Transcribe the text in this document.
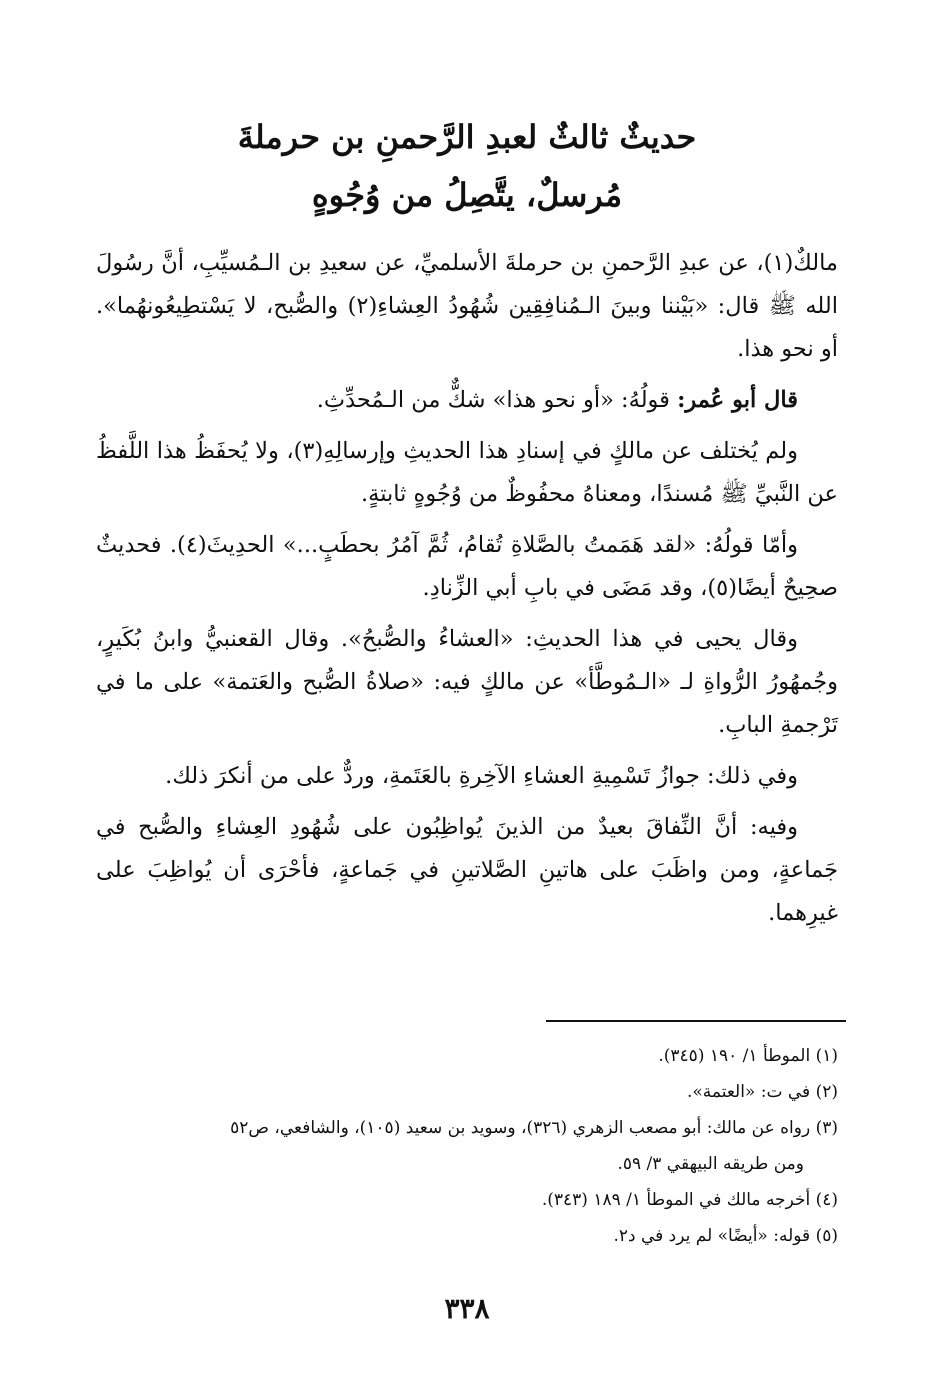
حديثٌ ثالثٌ لعبدِ الرَّحمنِ بن حرملةَ
مُرسلٌ، يتَّصِلُ من وُجُوهٍ

مالكٌ(١)، عن عبدِ الرَّحمنِ بن حرملةَ الأسلميِّ، عن سعيدِ بن الـمُسيِّبِ، أنَّ رسُولَ الله ﷺ قال: «بَيْننا وبينَ الـمُنافِقِين شُهُودُ العِشاءِ(٢) والصُّبح، لا يَسْتطِيعُونهُما». أو نحو هذا.

قال أبو عُمر: قولُهُ: «أو نحو هذا» شكٌّ من الـمُحدِّثِ.

ولم يُختلف عن مالكٍ في إسنادِ هذا الحديثِ وإرسالِهِ(٣)، ولا يُحفَظُ هذا اللَّفظُ عن النَّبيِّ ﷺ مُسندًا، ومعناهُ محفُوظٌ من وُجُوهٍ ثابتةٍ.

وأمّا قولُهُ: «لقد هَمَمتُ بالصَّلاةِ تُقامُ، ثُمَّ آمُرُ بحطَبٍ...» الحدِيثَ(٤). فحديثٌ صحِيحٌ أيضًا(٥)، وقد مَضَى في بابِ أبي الزِّنادِ.

وقال يحيى في هذا الحديثِ: «العشاءُ والصُّبحُ». وقال القعنبيُّ وابنُ بُكَيرٍ، وجُمهُورُ الرُّواةِ لـ «الـمُوطَّأ» عن مالكٍ فيه: «صلاةُ الصُّبح والعَتمة» على ما في تَرْجمةِ البابِ.

وفي ذلك: جوازُ تَسْمِيةِ العشاءِ الآخِرةِ بالعَتَمةِ، وردٌّ على من أنكرَ ذلك.

وفيه: أنَّ النِّفاقَ بعيدٌ من الذينَ يُواظِبُون على شُهُودِ العِشاءِ والصُّبح في جَماعةٍ، ومن واظَبَ على هاتينِ الصَّلاتينِ في جَماعةٍ، فأحْرَى أن يُواظِبَ على غيرِهما.

(١) الموطأ ١/ ١٩٠ (٣٤٥).
(٢) في ت: «العتمة».
(٣) رواه عن مالك: أبو مصعب الزهري (٣٢٦)، وسويد بن سعيد (١٠٥)، والشافعي، ص٥٢
ومن طريقه البيهقي ٣/ ٥٩.
(٤) أخرجه مالك في الموطأ ١/ ١٨٩ (٣٤٣).
(٥) قوله: «أيضًا» لم يرد في د٢.
٣٣٨
